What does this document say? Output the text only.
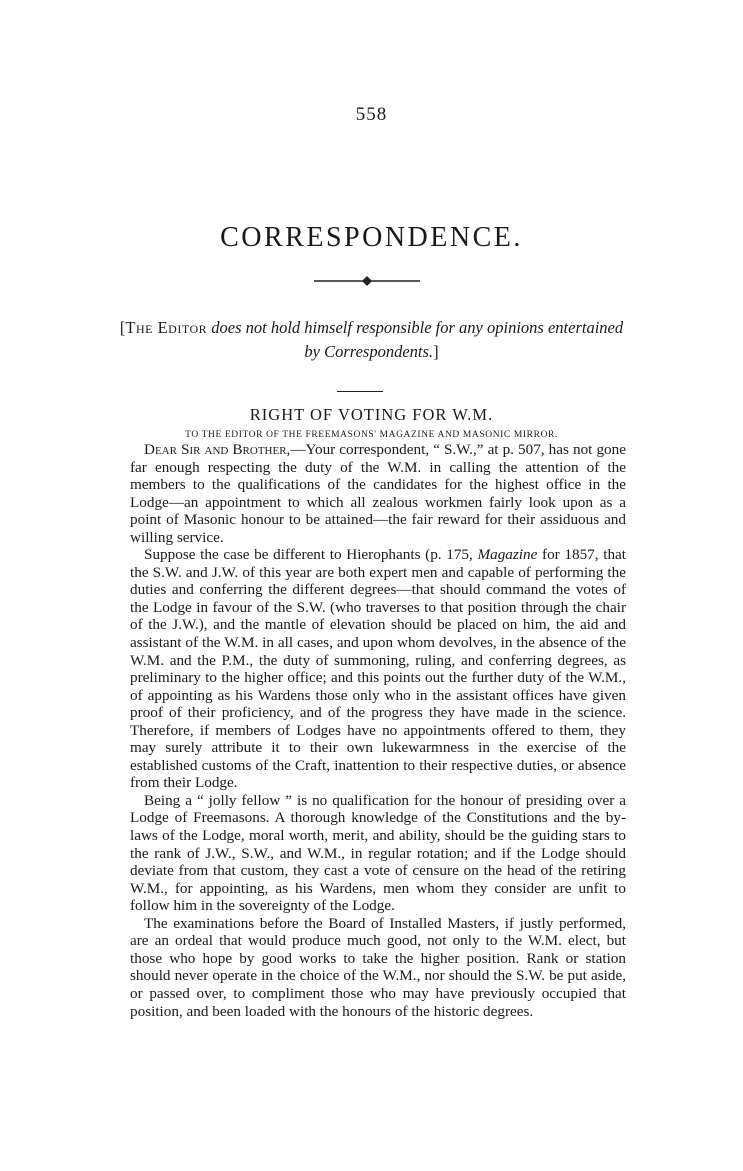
558
CORRESPONDENCE.
[The Editor does not hold himself responsible for any opinions entertained by Correspondents.]
RIGHT OF VOTING FOR W.M.
TO THE EDITOR OF THE FREEMASONS' MAGAZINE AND MASONIC MIRROR.

Dear Sir and Brother,—Your correspondent, “ S.W.,” at p. 507, has not gone far enough respecting the duty of the W.M. in calling the attention of the members to the qualifications of the candidates for the highest office in the Lodge—an appointment to which all zealous workmen fairly look upon as a point of Masonic honour to be attained—the fair reward for their assiduous and willing service.

Suppose the case be different to Hierophants (p. 175, Magazine for 1857, that the S.W. and J.W. of this year are both expert men and capable of performing the duties and conferring the different degrees—that should command the votes of the Lodge in favour of the S.W. (who traverses to that position through the chair of the J.W.), and the mantle of elevation should be placed on him, the aid and assistant of the W.M. in all cases, and upon whom devolves, in the absence of the W.M. and the P.M., the duty of summoning, ruling, and conferring degrees, as preliminary to the higher office; and this points out the further duty of the W.M., of appointing as his Wardens those only who in the assistant offices have given proof of their proficiency, and of the progress they have made in the science. Therefore, if members of Lodges have no appointments offered to them, they may surely attribute it to their own lukewarmness in the exercise of the established customs of the Craft, inattention to their respective duties, or absence from their Lodge.

Being a “ jolly fellow ” is no qualification for the honour of presiding over a Lodge of Freemasons. A thorough knowledge of the Constitutions and the by-laws of the Lodge, moral worth, merit, and ability, should be the guiding stars to the rank of J.W., S.W., and W.M., in regular rotation; and if the Lodge should deviate from that custom, they cast a vote of censure on the head of the retiring W.M., for appointing, as his Wardens, men whom they consider are unfit to follow him in the sovereignty of the Lodge.

The examinations before the Board of Installed Masters, if justly performed, are an ordeal that would produce much good, not only to the W.M. elect, but those who hope by good works to take the higher position. Rank or station should never operate in the choice of the W.M., nor should the S.W. be put aside, or passed over, to compliment those who may have previously occupied that position, and been loaded with the honours of the historic degrees.
